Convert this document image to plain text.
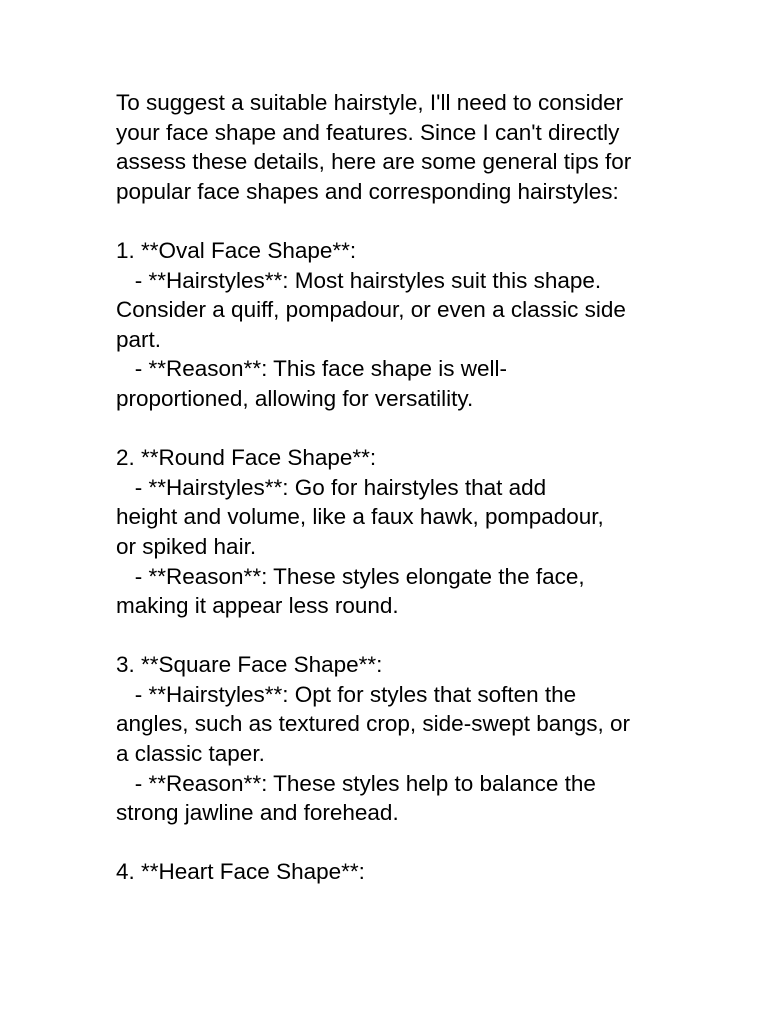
To suggest a suitable hairstyle, I'll need to consider
your face shape and features. Since I can't directly
assess these details, here are some general tips for
popular face shapes and corresponding hairstyles:
1. **Oval Face Shape**:
- **Hairstyles**: Most hairstyles suit this shape.
Consider a quiff, pompadour, or even a classic side
part.
- **Reason**: This face shape is well-
proportioned, allowing for versatility.
2. **Round Face Shape**:
- **Hairstyles**: Go for hairstyles that add
height and volume, like a faux hawk, pompadour,
or spiked hair.
- **Reason**: These styles elongate the face,
making it appear less round.
3. **Square Face Shape**:
- **Hairstyles**: Opt for styles that soften the
angles, such as textured crop, side-swept bangs, or
a classic taper.
- **Reason**: These styles help to balance the
strong jawline and forehead.
4. **Heart Face Shape**:
